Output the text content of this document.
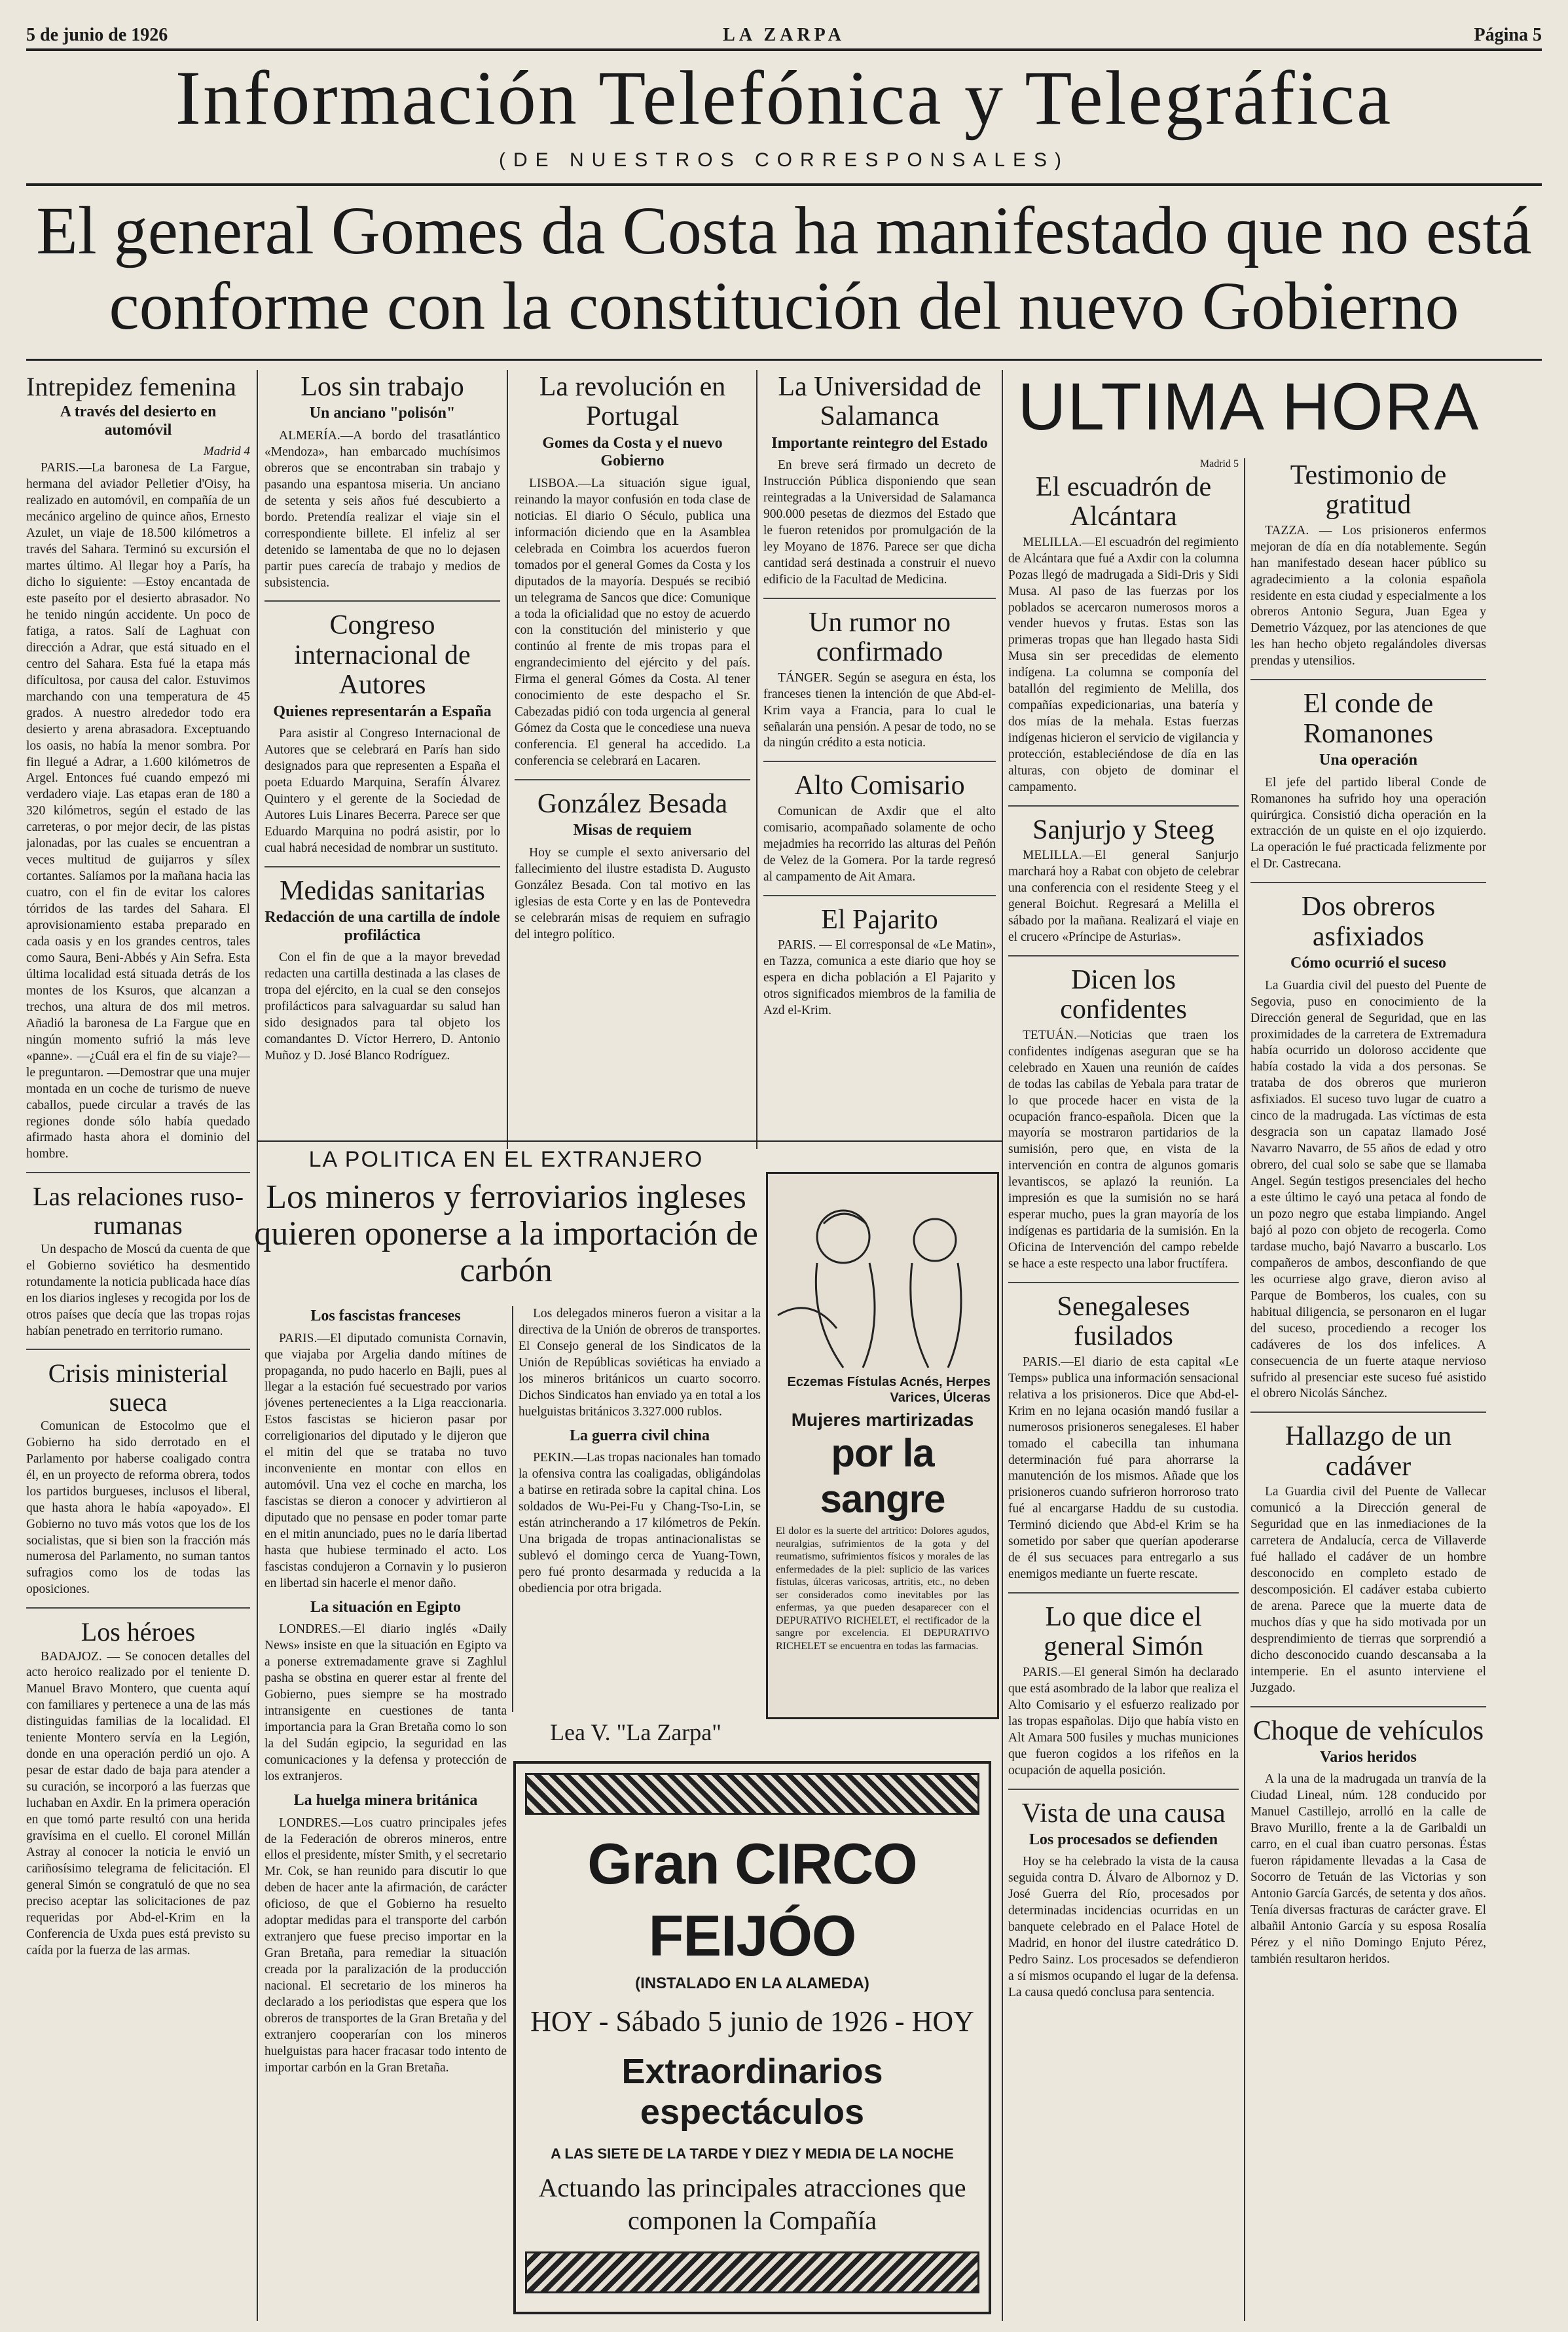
5 de junio de 1926	LA ZARPA	Página 5
Información Telefónica y Telegráfica
(DE NUESTROS CORRESPONSALES)
El general Gomes da Costa ha manifestado que no está
conforme con la constitución del nuevo Gobierno
Intrepidez femenina
A través del desierto en automóvil
Madrid 4

PARIS.—La baronesa de La Fargue, hermana del aviador Pelletier d'Oisy, ha realizado en automóvil, en compañía de un mecánico argelino de quince años, Ernesto Azulet, un viaje de 18.500 kilómetros a través del Sahara. Terminó su excursión el martes último. Al llegar hoy a París, ha dicho lo siguiente: —Estoy encantada de este paseíto por el desierto abrasador. No he tenido ningún accidente. Un poco de fatiga, a ratos. Salí de Laghuat con dirección a Adrar, que está situado en el centro del Sahara. Esta fué la etapa más difícultosa, por causa del calor. Estuvimos marchando con una temperatura de 45 grados. A nuestro alrededor todo era desierto y arena abrasadora. Exceptuando los oasis, no había la menor sombra. Por fin llegué a Adrar, a 1.600 kilómetros de Argel. Entonces fué cuando empezó mi verdadero viaje. Las etapas eran de 180 a 320 kilómetros, según el estado de las carreteras, o por mejor decir, de las pistas jalonadas, por las cuales se encuentran a veces multitud de guijarros y sílex cortantes. Salíamos por la mañana hacia las cuatro, con el fin de evitar los calores tórridos de las tardes del Sahara. El aprovisionamiento estaba preparado en cada oasis y en los grandes centros, tales como Saura, Beni-Abbés y Ain Sefra. Esta última localidad está situada detrás de los montes de los Ksuros, que alcanzan a trechos, una altura de dos mil metros. Añadió la baronesa de La Fargue que en ningún momento sufrió la más leve «panne». —¿Cuál era el fin de su viaje?—le preguntaron. —Demostrar que una mujer montada en un coche de turismo de nueve caballos, puede circular a través de las regiones donde sólo había quedado afirmado hasta ahora el dominio del hombre.

Las relaciones ruso-rumanas

Un despacho de Moscú da cuenta de que el Gobierno soviético ha desmentido rotundamente la noticia publicada hace días en los diarios ingleses y recogida por los de otros países que decía que las tropas rojas habían penetrado en territorio rumano.

Crisis ministerial sueca

Comunican de Estocolmo que el Gobierno ha sido derrotado en el Parlamento por haberse coaligado contra él, en un proyecto de reforma obrera, todos los partidos burgueses, inclusos el liberal, que hasta ahora le había «apoyado». El Gobierno no tuvo más votos que los de los socialistas, que si bien son la fracción más numerosa del Parlamento, no suman tantos sufragios como los de todas las oposiciones.

Los héroes

BADAJOZ. — Se conocen detalles del acto heroico realizado por el teniente D. Manuel Bravo Montero, que cuenta aquí con familiares y pertenece a una de las más distinguidas familias de la localidad. El teniente Montero servía en la Legión, donde en una operación perdió un ojo. A pesar de estar dado de baja para atender a su curación, se incorporó a las fuerzas que luchaban en Axdir. En la primera operación en que tomó parte resultó con una herida gravísima en el cuello. El coronel Millán Astray al conocer la noticia le envió un cariñosísimo telegrama de felicitación. El general Simón se congratuló de que no sea preciso aceptar las solicitaciones de paz requeridas por Abd-el-Krim en la Conferencia de Uxda pues está previsto su caída por la fuerza de las armas.

Los sin trabajo
Un anciano "polisón"

ALMERÍA.—A bordo del trasatlántico «Mendoza», han embarcado muchísimos obreros que se encontraban sin trabajo y pasando una espantosa miseria. Un anciano de setenta y seis años fué descubierto a bordo. Pretendía realizar el viaje sin el correspondiente billete. El infeliz al ser detenido se lamentaba de que no lo dejasen partir pues carecía de trabajo y medios de subsistencia.

Congreso internacional de Autores
Quienes representarán a España

Para asistir al Congreso Internacional de Autores que se celebrará en París han sido designados para que representen a España el poeta Eduardo Marquina, Serafín Álvarez Quintero y el gerente de la Sociedad de Autores Luis Linares Becerra. Parece ser que Eduardo Marquina no podrá asistir, por lo cual habrá necesidad de nombrar un sustituto.

Medidas sanitarias
Redacción de una cartilla de índole profiláctica

Con el fin de que a la mayor brevedad redacten una cartilla destinada a las clases de tropa del ejército, en la cual se den consejos profilácticos para salvaguardar su salud han sido designados para tal objeto los comandantes D. Víctor Herrero, D. Antonio Muñoz y D. José Blanco Rodríguez.

La revolución en Portugal
Gomes da Costa y el nuevo Gobierno

LISBOA.—La situación sigue igual, reinando la mayor confusión en toda clase de noticias. El diario O Século, publica una información diciendo que en la Asamblea celebrada en Coimbra los acuerdos fueron tomados por el general Gomes da Costa y los diputados de la mayoría. Después se recibió un telegrama de Sancos que dice: Comunique a toda la oficialidad que no estoy de acuerdo con la constitución del ministerio y que continúo al frente de mis tropas para el engrandecimiento del ejército y del país. Firma el general Gómes da Costa. Al tener conocimiento de este despacho el Sr. Cabezadas pidió con toda urgencia al general Gómez da Costa que le concediese una nueva conferencia. El general ha accedido. La conferencia se celebrará en Lacaren.

González Besada
Misas de requiem

Hoy se cumple el sexto aniversario del fallecimiento del ilustre estadista D. Augusto González Besada. Con tal motivo en las iglesias de esta Corte y en las de Pontevedra se celebrarán misas de requiem en sufragio del integro político.

La Universidad de Salamanca
Importante reintegro del Estado

En breve será firmado un decreto de Instrucción Pública disponiendo que sean reintegradas a la Universidad de Salamanca 900.000 pesetas de diezmos del Estado que le fueron retenidos por promulgación de la ley Moyano de 1876. Parece ser que dicha cantidad será destinada a construir el nuevo edificio de la Facultad de Medicina.

Un rumor no confirmado

TÁNGER. Según se asegura en ésta, los franceses tienen la intención de que Abd-el-Krim vaya a Francia, para lo cual le señalarán una pensión. A pesar de todo, no se da ningún crédito a esta noticia.

Alto Comisario

Comunican de Axdir que el alto comisario, acompañado solamente de ocho mejadmies ha recorrido las alturas del Peñón de Velez de la Gomera. Por la tarde regresó al campamento de Ait Amara.

El Pajarito

PARIS. — El corresponsal de «Le Matin», en Tazza, comunica a este diario que hoy se espera en dicha población a El Pajarito y otros significados miembros de la familia de Azd el-Krim.

LA POLITICA EN EL EXTRANJERO
Los mineros y ferroviarios ingleses quieren oponerse a la importación de carbón
Los fascistas franceses

PARIS.—El diputado comunista Cornavin, que viajaba por Argelia dando mítines de propaganda, no pudo hacerlo en Bajli, pues al llegar a la estación fué secuestrado por varios jóvenes pertenecientes a la Liga reaccionaria. Estos fascistas se hicieron pasar por correligionarios del diputado y le dijeron que el mitin del que se trataba no tuvo inconveniente en montar con ellos en automóvil. Una vez el coche en marcha, los fascistas se dieron a conocer y advirtieron al diputado que no pensase en poder tomar parte en el mitin anunciado, pues no le daría libertad hasta que hubiese terminado el acto. Los fascistas condujeron a Cornavin y lo pusieron en libertad sin hacerle el menor daño.

La situación en Egipto

LONDRES.—El diario inglés «Daily News» insiste en que la situación en Egipto va a ponerse extremadamente grave si Zaghlul pasha se obstina en querer estar al frente del Gobierno, pues siempre se ha mostrado intransigente en cuestiones de tanta importancia para la Gran Bretaña como lo son la del Sudán egipcio, la seguridad en las comunicaciones y la defensa y protección de los extranjeros.

La huelga minera británica

LONDRES.—Los cuatro principales jefes de la Federación de obreros mineros, entre ellos el presidente, míster Smith, y el secretario Mr. Cok, se han reunido para discutir lo que deben de hacer ante la afirmación, de carácter oficioso, de que el Gobierno ha resuelto adoptar medidas para el transporte del carbón extranjero que fuese preciso importar en la Gran Bretaña, para remediar la situación creada por la paralización de la producción nacional. El secretario de los mineros ha declarado a los periodistas que espera que los obreros de transportes de la Gran Bretaña y del extranjero cooperarían con los mineros huelguistas para hacer fracasar todo intento de importar carbón en la Gran Bretaña.

Los delegados mineros fueron a visitar a la directiva de la Unión de obreros de transportes. El Consejo general de los Sindicatos de la Unión de Repúblicas soviéticas ha enviado a los mineros británicos un cuarto socorro. Dichos Sindicatos han enviado ya en total a los huelguistas británicos 3.327.000 rublos.

La guerra civil china

PEKIN.—Las tropas nacionales han tomado la ofensiva contra las coaligadas, obligándolas a batirse en retirada sobre la capital china. Los soldados de Wu-Pei-Fu y Chang-Tso-Lin, se están atrincherando a 17 kilómetros de Pekín. Una brigada de tropas antinacionalistas se sublevó el domingo cerca de Yuang-Town, pero fué pronto desarmada y reducida a la obediencia por otra brigada.

Eczemas Fístulas Acnés, Herpes Varices, Úlceras
Mujeres martirizadas
por la sangre
El dolor es la suerte del artritico: Dolores agudos, neuralgias, sufrimientos de la gota y del reumatismo, sufrimientos físicos y morales de las enfermedades de la piel: suplicio de las varices fístulas, úlceras varicosas, artritis, etc., no deben ser considerados como inevitables por las enfermas, ya que pueden desaparecer con el DEPURATIVO RICHELET, el rectificador de la sangre por excelencia. El DEPURATIVO RICHELET se encuentra en todas las farmacias.
Lea V. "La Zarpa"
Gran CIRCO FEIJÓO
(INSTALADO EN LA ALAMEDA)
HOY - Sábado 5 junio de 1926 - HOY
Extraordinarios espectáculos
A LAS SIETE DE LA TARDE Y DIEZ Y MEDIA DE LA NOCHE
Actuando las principales atracciones que componen la Compañía
ULTIMA HORA
Madrid 5
El escuadrón de Alcántara

MELILLA.—El escuadrón del regimiento de Alcántara que fué a Axdir con la columna Pozas llegó de madrugada a Sidi-Dris y Sidi Musa. Al paso de las fuerzas por los poblados se acercaron numerosos moros a vender huevos y frutas. Estas son las primeras tropas que han llegado hasta Sidi Musa sin ser precedidas de elemento indígena. La columna se componía del batallón del regimiento de Melilla, dos compañías expedicionarias, una batería y dos mías de la mehala. Estas fuerzas indígenas hicieron el servicio de vigilancia y protección, estableciéndose de día en las alturas, con objeto de dominar el campamento.

Sanjurjo y Steeg

MELILLA.—El general Sanjurjo marchará hoy a Rabat con objeto de celebrar una conferencia con el residente Steeg y el general Boichut. Regresará a Melilla el sábado por la mañana. Realizará el viaje en el crucero «Príncipe de Asturias».

Dicen los confidentes

TETUÁN.—Noticias que traen los confidentes indígenas aseguran que se ha celebrado en Xauen una reunión de caídes de todas las cabilas de Yebala para tratar de lo que procede hacer en vista de la ocupación franco-española. Dicen que la mayoría se mostraron partidarios de la sumisión, pero que, en vista de la intervención en contra de algunos gomaris levantiscos, se aplazó la reunión. La impresión es que la sumisión no se hará esperar mucho, pues la gran mayoría de los indígenas es partidaria de la sumisión. En la Oficina de Intervención del campo rebelde se hace a este respecto una labor fructífera.

Senegaleses fusilados

PARIS.—El diario de esta capital «Le Temps» publica una información sensacional relativa a los prisioneros. Dice que Abd-el-Krim en no lejana ocasión mandó fusilar a numerosos prisioneros senegaleses. El haber tomado el cabecilla tan inhumana determinación fué para ahorrarse la manutención de los mismos. Añade que los prisioneros cuando sufrieron horroroso trato fué al encargarse Haddu de su custodia. Terminó diciendo que Abd-el Krim se ha sometido por saber que querían apoderarse de él sus secuaces para entregarlo a sus enemigos mediante un fuerte rescate.

Lo que dice el general Simón

PARIS.—El general Simón ha declarado que está asombrado de la labor que realiza el Alto Comisario y el esfuerzo realizado por las tropas españolas. Dijo que había visto en Alt Amara 500 fusiles y muchas municiones que fueron cogidos a los rifeños en la ocupación de aquella posición.

Vista de una causa
Los procesados se defienden

Hoy se ha celebrado la vista de la causa seguida contra D. Álvaro de Albornoz y D. José Guerra del Río, procesados por determinadas incidencias ocurridas en un banquete celebrado en el Palace Hotel de Madrid, en honor del ilustre catedrático D. Pedro Sainz. Los procesados se defendieron a sí mismos ocupando el lugar de la defensa. La causa quedó conclusa para sentencia.

Testimonio de gratitud

TAZZA. — Los prisioneros enfermos mejoran de día en día notablemente. Según han manifestado desean hacer público su agradecimiento a la colonia española residente en esta ciudad y especialmente a los obreros Antonio Segura, Juan Egea y Demetrio Vázquez, por las atenciones de que les han hecho objeto regalándoles diversas prendas y utensilios.

El conde de Romanones
Una operación

El jefe del partido liberal Conde de Romanones ha sufrido hoy una operación quirúrgica. Consistió dicha operación en la extracción de un quiste en el ojo izquierdo. La operación le fué practicada felizmente por el Dr. Castrecana.

Dos obreros asfixiados
Cómo ocurrió el suceso

La Guardia civil del puesto del Puente de Segovia, puso en conocimiento de la Dirección general de Seguridad, que en las proximidades de la carretera de Extremadura había ocurrido un doloroso accidente que había costado la vida a dos personas. Se trataba de dos obreros que murieron asfixiados. El suceso tuvo lugar de cuatro a cinco de la madrugada. Las víctimas de esta desgracia son un capataz llamado José Navarro Navarro, de 55 años de edad y otro obrero, del cual solo se sabe que se llamaba Angel. Según testigos presenciales del hecho a este último le cayó una petaca al fondo de un pozo negro que estaba limpiando. Angel bajó al pozo con objeto de recogerla. Como tardase mucho, bajó Navarro a buscarlo. Los compañeros de ambos, desconfiando de que les ocurriese algo grave, dieron aviso al Parque de Bomberos, los cuales, con su habitual diligencia, se personaron en el lugar del suceso, procediendo a recoger los cadáveres de los dos infelices. A consecuencia de un fuerte ataque nervioso sufrido al presenciar este suceso fué asistido el obrero Nicolás Sánchez.

Hallazgo de un cadáver

La Guardia civil del Puente de Vallecar comunicó a la Dirección general de Seguridad que en las inmediaciones de la carretera de Andalucía, cerca de Villaverde fué hallado el cadáver de un hombre desconocido en completo estado de descomposición. El cadáver estaba cubierto de arena. Parece que la muerte data de muchos días y que ha sido motivada por un desprendimiento de tierras que sorprendió a dicho desconocido cuando descansaba a la intemperie. En el asunto interviene el Juzgado.

Choque de vehículos
Varios heridos

A la una de la madrugada un tranvía de la Ciudad Lineal, núm. 128 conducido por Manuel Castillejo, arrolló en la calle de Bravo Murillo, frente a la de Garibaldi un carro, en el cual iban cuatro personas. Éstas fueron rápidamente llevadas a la Casa de Socorro de Tetuán de las Victorias y son Antonio García Garcés, de setenta y dos años. Tenía diversas fracturas de carácter grave. El albañil Antonio García y su esposa Rosalía Pérez y el niño Domingo Enjuto Pérez, también resultaron heridos.
